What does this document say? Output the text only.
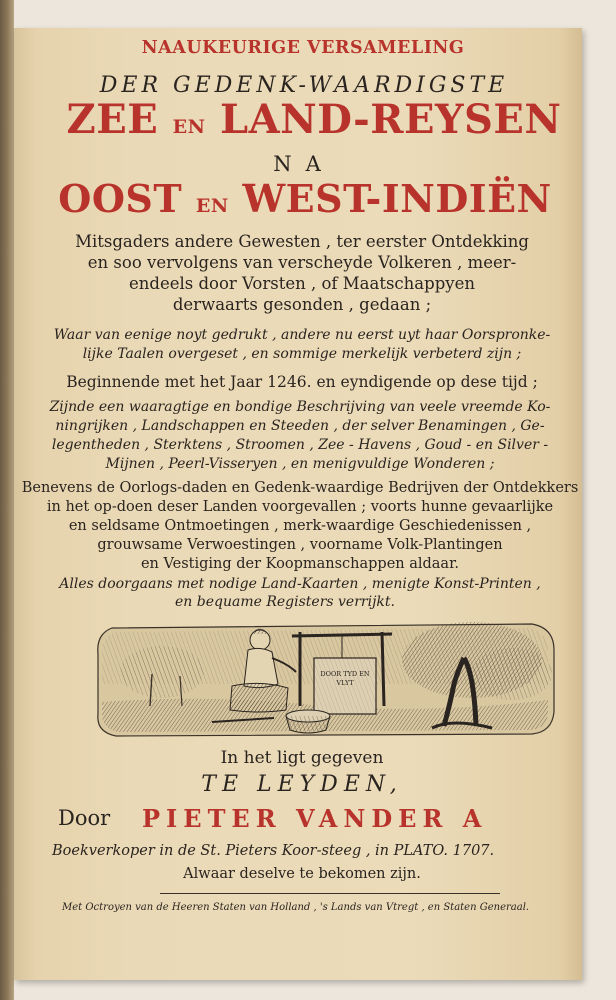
NAAUKEURIGE VERSAMELING
DER GEDENK-WAARDIGSTE
ZEE EN LAND-REYSEN
NA
OOST EN WEST-INDIËN
Mitsgaders andere Gewesten , ter eerster Ontdekking
en soo vervolgens van verscheyde Volkeren , meer-
endeels door Vorsten , of Maatschappyen
derwaarts gesonden , gedaan ;
Waar van eenige noyt gedrukt , andere nu eerst uyt haar Oorspronke-
lijke Taalen overgeset , en sommige merkelijk verbeterd zijn ;
Beginnende met het Jaar 1246. en eyndigende op dese tijd ;
Zijnde een waaragtige en bondige Beschrijving van veele vreemde Ko-
ningrijken , Landschappen en Steeden , der selver Benamingen , Ge-
legentheden , Sterktens , Stroomen , Zee - Havens , Goud - en Silver -
Mijnen , Peerl-Visseryen , en menigvuldige Wonderen ;
Benevens de Oorlogs-daden en Gedenk-waardige Bedrijven der Ontdekkers
in het op-doen deser Landen voorgevallen ; voorts hunne gevaarlijke
en seldsame Ontmoetingen , merk-waardige Geschiedenissen ,
grouwsame Verwoestingen , voorname Volk-Plantingen
en Vestiging der Koopmanschappen aldaar.
Alles doorgaans met nodige Land-Kaarten , menigte Konst-Printen ,
en bequame Registers verrijkt.
DOOR TYD EN
VLYT
In het ligt gegeven
TE LEYDEN,
Door	PIETER VANDER A
Boekverkoper in de St. Pieters Koor-steeg , in PLATO. 1707.
Alwaar deselve te bekomen zijn.
Met Octroyen van de Heeren Staten van Holland , 's Lands van Vtregt , en Staten Generaal.
